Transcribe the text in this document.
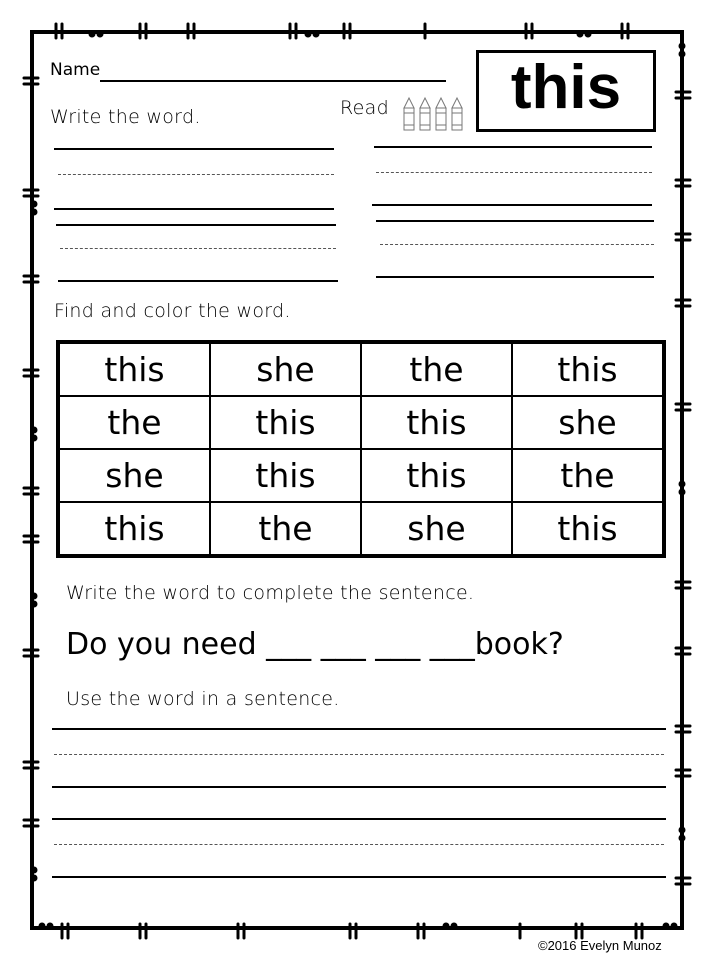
Name	this
Write the word.	Read
Find and color the word.
this	she	the	this
the	this	this	she
she	this	this	the
this	the	she	this
Write the word to complete the sentence.
Do you need ___ ___ ___ ___book?
Use the word in a sentence.
©2016 Evelyn Munoz
